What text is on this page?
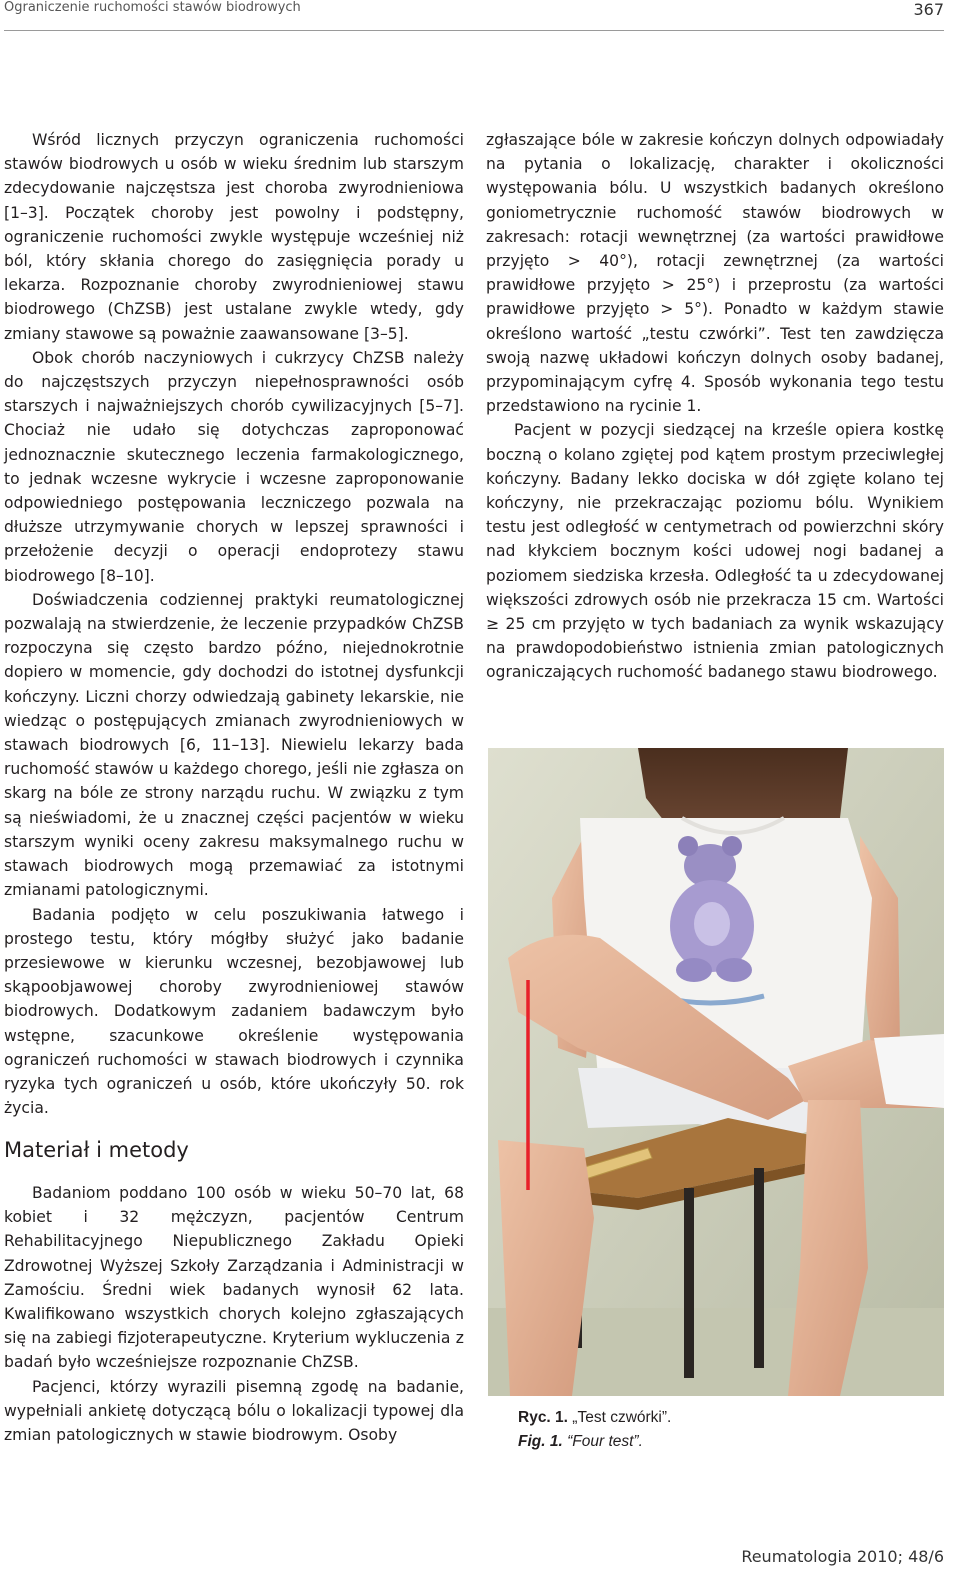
Ograniczenie ruchomości stawów biodrowych	367

Wśród licznych przyczyn ograniczenia ruchomości stawów biodrowych u osób w wieku średnim lub starszym zdecydowanie najczęstsza jest choroba zwyrodnieniowa [1–3]. Początek choroby jest powolny i podstępny, ograniczenie ruchomości zwykle występuje wcześniej niż ból, który skłania chorego do zasięgnięcia porady u lekarza. Rozpoznanie choroby zwyrodnieniowej stawu biodrowego (ChZSB) jest ustalane zwykle wtedy, gdy zmiany stawowe są poważnie zaawansowane [3–5].

Obok chorób naczyniowych i cukrzycy ChZSB należy do najczęstszych przyczyn niepełnosprawności osób starszych i najważniejszych chorób cywilizacyjnych [5–7]. Chociaż nie udało się dotychczas zaproponować jednoznacznie skutecznego leczenia farmakologicznego, to jednak wczesne wykrycie i wczesne zaproponowanie odpowiedniego postępowania leczniczego pozwala na dłuższe utrzymywanie chorych w lepszej sprawności i przełożenie decyzji o operacji endoprotezy stawu biodrowego [8–10].

Doświadczenia codziennej praktyki reumatologicznej pozwalają na stwierdzenie, że leczenie przypadków ChZSB rozpoczyna się często bardzo późno, niejednokrotnie dopiero w momencie, gdy dochodzi do istotnej dysfunkcji kończyny. Liczni chorzy odwiedzają gabinety lekarskie, nie wiedząc o postępujących zmianach zwyrodnieniowych w stawach biodrowych [6, 11–13]. Niewielu lekarzy bada ruchomość stawów u każdego chorego, jeśli nie zgłasza on skarg na bóle ze strony narządu ruchu. W związku z tym są nieświadomi, że u znacznej części pacjentów w wieku starszym wyniki oceny zakresu maksymalnego ruchu w stawach biodrowych mogą przemawiać za istotnymi zmianami patologicznymi.

Badania podjęto w celu poszukiwania łatwego i prostego testu, który mógłby służyć jako badanie przesiewowe w kierunku wczesnej, bezobjawowej lub skąpoobjawowej choroby zwyrodnieniowej stawów biodrowych. Dodatkowym zadaniem badawczym było wstępne, szacunkowe określenie występowania ograniczeń ruchomości w stawach biodrowych i czynnika ryzyka tych ograniczeń u osób, które ukończyły 50. rok życia.

Materiał i metody

Badaniom poddano 100 osób w wieku 50–70 lat, 68 kobiet i 32 mężczyzn, pacjentów Centrum Rehabilitacyjnego Niepublicznego Zakładu Opieki Zdrowotnej Wyższej Szkoły Zarządzania i Administracji w Zamościu. Średni wiek badanych wynosił 62 lata. Kwalifikowano wszystkich chorych kolejno zgłaszających się na zabiegi fizjoterapeutyczne. Kryterium wykluczenia z badań było wcześniejsze rozpoznanie ChZSB.

Pacjenci, którzy wyrazili pisemną zgodę na badanie, wypełniali ankietę dotyczącą bólu o lokalizacji typowej dla zmian patologicznych w stawie biodrowym. Osoby

zgłaszające bóle w zakresie kończyn dolnych odpowiadały na pytania o lokalizację, charakter i okoliczności występowania bólu. U wszystkich badanych określono goniometrycznie ruchomość stawów biodrowych w zakresach: rotacji wewnętrznej (za wartości prawidłowe przyjęto > 40°), rotacji zewnętrznej (za wartości prawidłowe przyjęto > 25°) i przeprostu (za wartości prawidłowe przyjęto > 5°). Ponadto w każdym stawie określono wartość „testu czwórki”. Test ten zawdzięcza swoją nazwę układowi kończyn dolnych osoby badanej, przypominającym cyfrę 4. Sposób wykonania tego testu przedstawiono na rycinie 1.

Pacjent w pozycji siedzącej na krześle opiera kostkę boczną o kolano zgiętej pod kątem prostym przeciwległej kończyny. Badany lekko dociska w dół zgięte kolano tej kończyny, nie przekraczając poziomu bólu. Wynikiem testu jest odległość w centymetrach od powierzchni skóry nad kłykciem bocznym kości udowej nogi badanej a poziomem siedziska krzesła. Odległość ta u zdecydowanej większości zdrowych osób nie przekracza 15 cm. Wartości ≥ 25 cm przyjęto w tych badaniach za wynik wskazujący na prawdopodobieństwo istnienia zmian patologicznych ograniczających ruchomość badanego stawu biodrowego.

Ryc. 1. „Test czwórki”.
Fig. 1. “Four test”.
Reumatologia 2010; 48/6
